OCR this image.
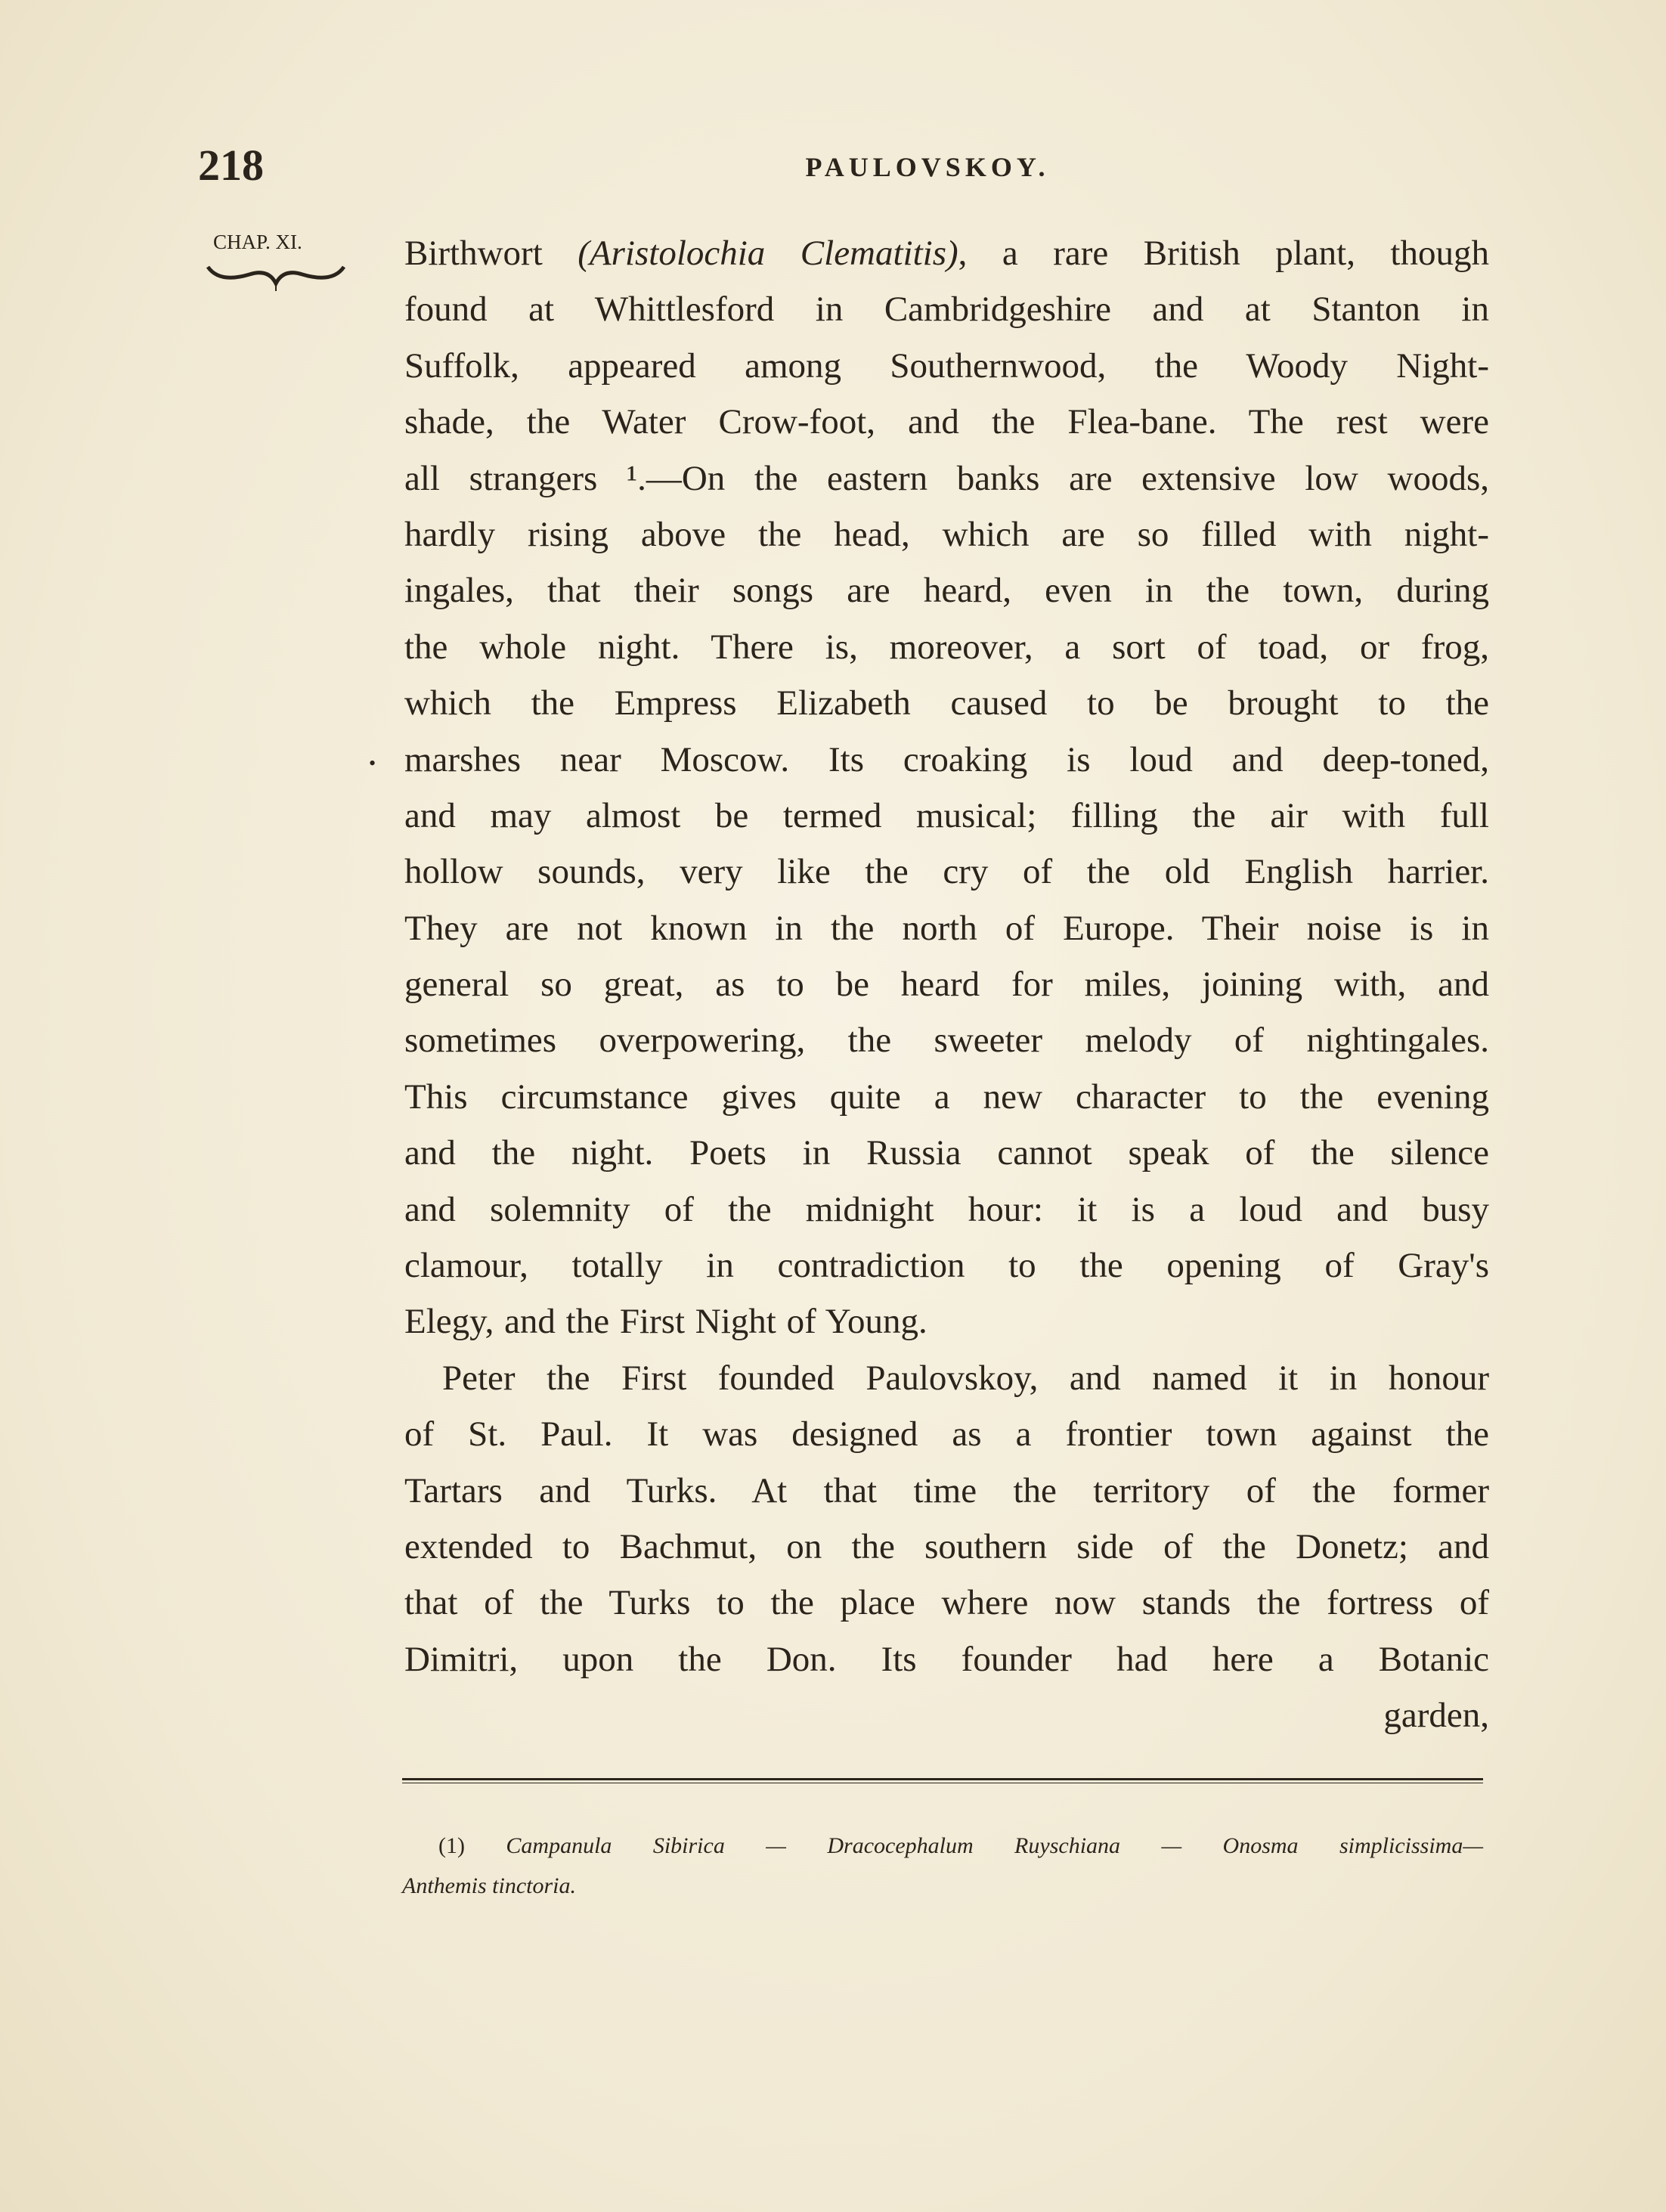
218	PAULOVSKOY.
CHAP. XI.
•
Birthwort (Aristolochia Clematitis), a rare British plant, though
found at Whittlesford in Cambridgeshire and at Stanton in
Suffolk, appeared among Southernwood, the Woody Night-
shade, the Water Crow-foot, and the Flea-bane. The rest were
all strangers ¹.—On the eastern banks are extensive low woods,
hardly rising above the head, which are so filled with night-
ingales, that their songs are heard, even in the town, during
the whole night. There is, moreover, a sort of toad, or frog,
which the Empress Elizabeth caused to be brought to the
marshes near Moscow. Its croaking is loud and deep-toned,
and may almost be termed musical; filling the air with full
hollow sounds, very like the cry of the old English harrier.
They are not known in the north of Europe. Their noise is in
general so great, as to be heard for miles, joining with, and
sometimes overpowering, the sweeter melody of nightingales.
This circumstance gives quite a new character to the evening
and the night. Poets in Russia cannot speak of the silence
and solemnity of the midnight hour: it is a loud and busy
clamour, totally in contradiction to the opening of Gray's
Elegy, and the First Night of Young.
Peter the First founded Paulovskoy, and named it in honour
of St. Paul. It was designed as a frontier town against the
Tartars and Turks. At that time the territory of the former
extended to Bachmut, on the southern side of the Donetz; and
that of the Turks to the place where now stands the fortress of
Dimitri, upon the Don. Its founder had here a Botanic
garden,
(1) Campanula Sibirica — Dracocephalum Ruyschiana — Onosma simplicissima—
Anthemis tinctoria.
